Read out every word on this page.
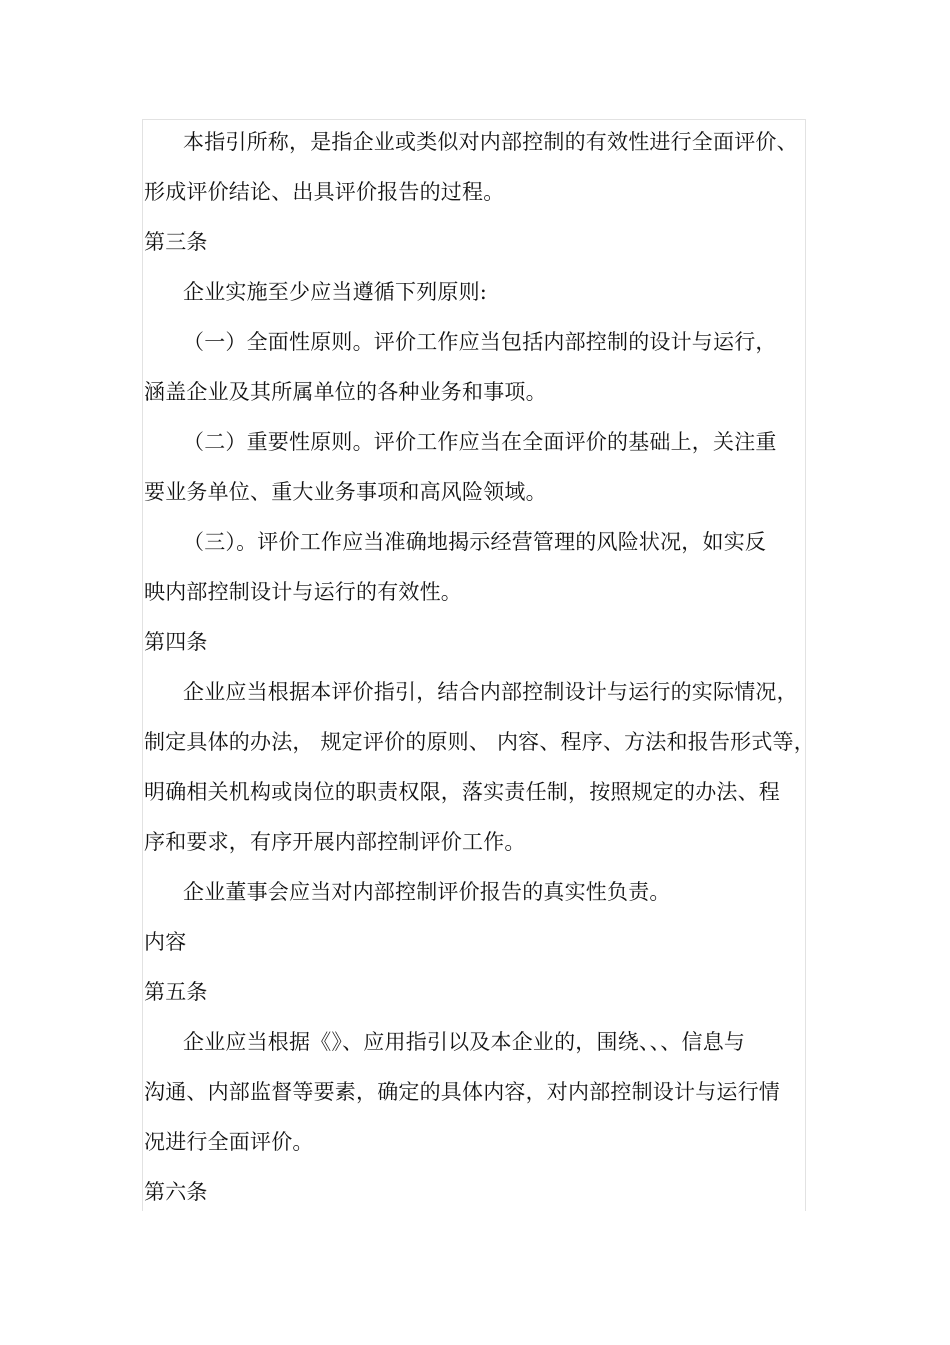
本指引所称，是指企业或类似对内部控制的有效性进行全面评价、
形成评价结论、出具评价报告的过程。
第三条
企业实施至少应当遵循下列原则:
（一）全面性原则。评价工作应当包括内部控制的设计与运行，
涵盖企业及其所属单位的各种业务和事项。
（二）重要性原则。评价工作应当在全面评价的基础上，关注重
要业务单位、重大业务事项和高风险领域。
（三）。评价工作应当准确地揭示经营管理的风险状况，如实反
映内部控制设计与运行的有效性。
第四条
企业应当根据本评价指引，结合内部控制设计与运行的实际情况，
制定具体的办法， 规定评价的原则、 内容、程序、方法和报告形式等，
明确相关机构或岗位的职责权限，落实责任制，按照规定的办法、程
序和要求，有序开展内部控制评价工作。
企业董事会应当对内部控制评价报告的真实性负责。
内容
第五条
企业应当根据《》、应用指引以及本企业的，围绕、、、信息与
沟通、内部监督等要素，确定的具体内容，对内部控制设计与运行情
况进行全面评价。
第六条
